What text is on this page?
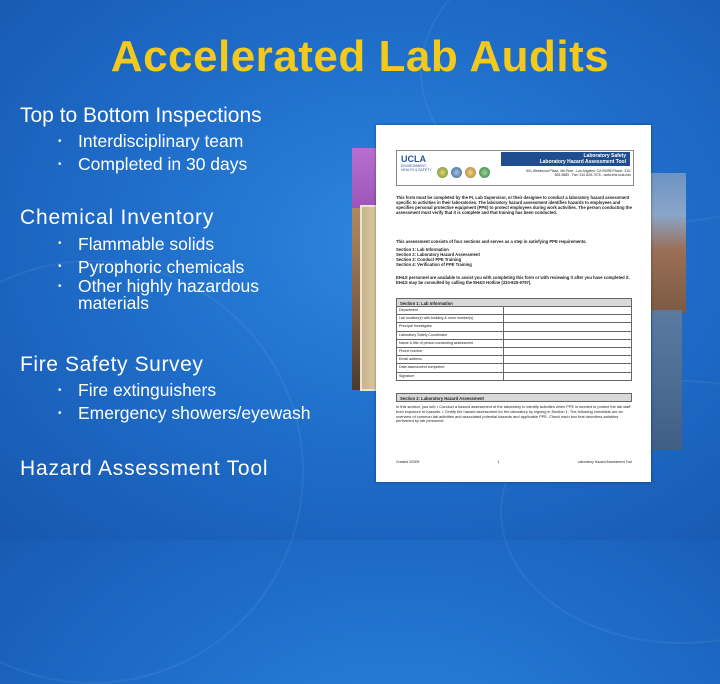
Accelerated Lab Audits
Top to Bottom Inspections
• Interdisciplinary team
• Completed in 30 days
Chemical Inventory
• Flammable solids
• Pyrophoric chemicals
• Other highly hazardous materials
Fire Safety Survey
• Fire extinguishers
• Emergency showers/eyewash
Hazard Assessment Tool
UCLA
ENVIRONMENT, HEALTH & SAFETY
Laboratory Safety
Laboratory Hazard Assessment Tool
501 Westwood Plaza, 4th Floor - Los Angeles, CA 90095 Phone: 310-825-5689 - Fax: 310-825-7076 - www.ehs.ucla.edu
This form must be completed by the PI, Lab Supervisor, or their designee to conduct a laboratory hazard assessment specific to activities in their laboratories. The laboratory hazard assessment identifies hazards to employees and specifies personal protective equipment (PPE) to protect employees during work activities. The person conducting the assessment must verify that it is complete and that training has been conducted.
This assessment consists of four sections and serves as a step in satisfying PPE requirements.
Section 1: Lab Information
Section 2: Laboratory Hazard Assessment
Section 3: Conduct PPE Training
Section 4: Verification of PPE Training
EH&S personnel are available to assist you with completing this form or with reviewing it after you have completed it. EH&S may be consulted by calling the EH&S Hotline (310-825-9797).
Section 1: Lab Information
Department
Lab location(s) with building & room number(s)
Principal Investigator
Laboratory Safety Coordinator
Name & title of person conducting assessment
Phone number
Email address
Date assessment completed
Signature
Section 2: Laboratory Hazard Assessment
In this section, you will: • Conduct a hazard assessment of the laboratory to identify activities when PPE is needed to protect the lab staff from exposure to hazards. • Certify the hazard assessment for the laboratory by signing in Section 1. The following checklists are an overview of common lab activities and associated potential hazards and applicable PPE. Check each box that describes activities performed by lab personnel.
Created 3/2009	1	Laboratory Hazard Assessment Tool
